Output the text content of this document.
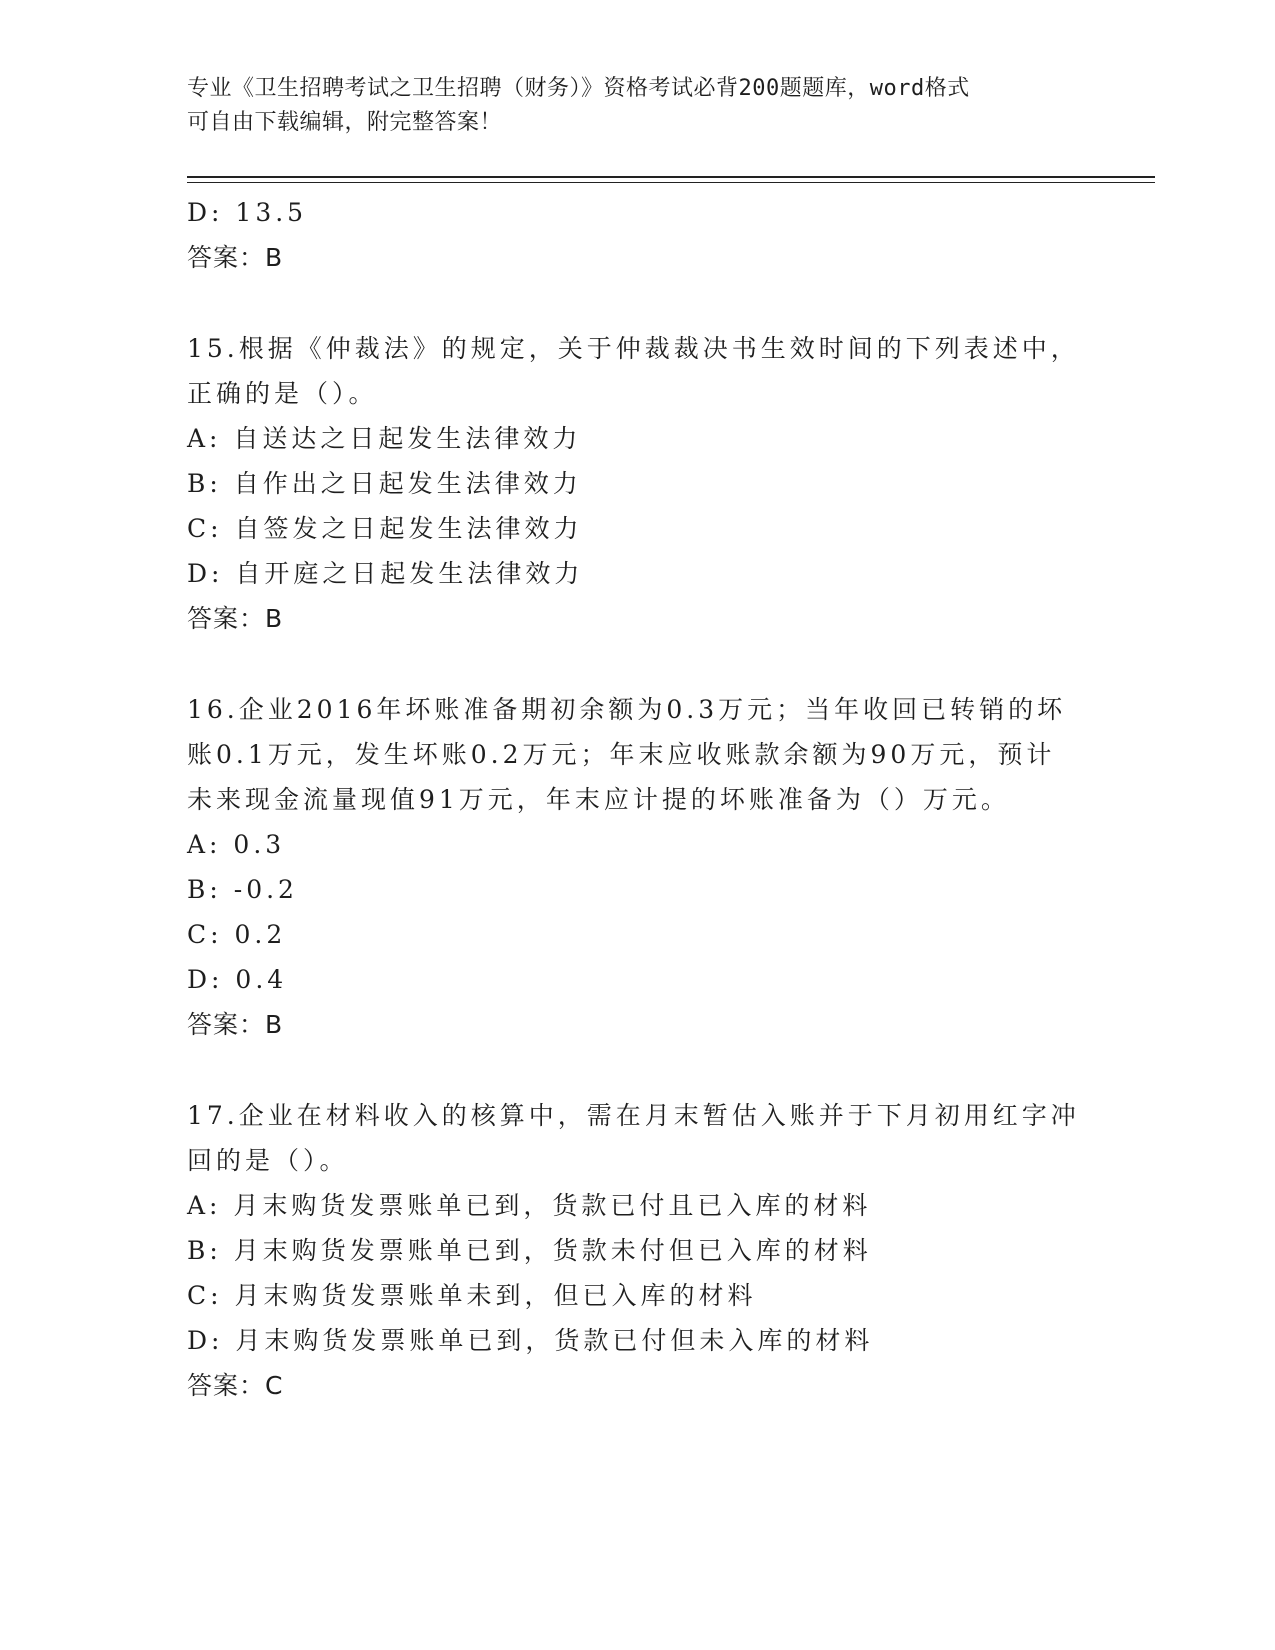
专业《卫生招聘考试之卫生招聘（财务）》资格考试必背200题题库，word格式
可自由下载编辑，附完整答案！
D: 13.5
答案：B
15.根据《仲裁法》的规定，关于仲裁裁决书生效时间的下列表述中，
正确的是（）。
A: 自送达之日起发生法律效力
B: 自作出之日起发生法律效力
C: 自签发之日起发生法律效力
D: 自开庭之日起发生法律效力
答案：B
16.企业2016年坏账准备期初余额为0.3万元；当年收回已转销的坏
账0.1万元，发生坏账0.2万元；年末应收账款余额为90万元，预计
未来现金流量现值91万元，年末应计提的坏账准备为（）万元。
A: 0.3
B: -0.2
C: 0.2
D: 0.4
答案：B
17.企业在材料收入的核算中，需在月末暂估入账并于下月初用红字冲
回的是（）。
A: 月末购货发票账单已到，货款已付且已入库的材料
B: 月末购货发票账单已到，货款未付但已入库的材料
C: 月末购货发票账单未到，但已入库的材料
D: 月末购货发票账单已到，货款已付但未入库的材料
答案：C
